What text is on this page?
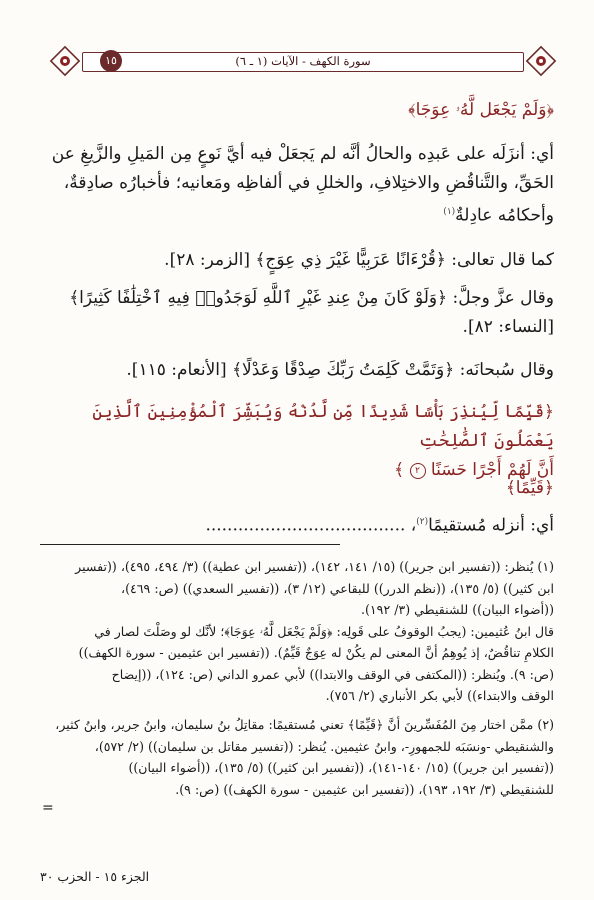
١٥	سورة الكهف - الآيات (١ ـ ٦)
﴿وَلَمْ يَجْعَل لَّهُۥ عِوَجَا﴾
أي: أنزَلَه على عَبدِه والحالُ أنَّه لم يَجعَلْ فيه أيَّ نَوعٍ مِن المَيلِ والزَّيغِ عن
الحَقِّ، والتَّناقُضِ والاختِلافِ، والخللِ في ألفاظِه ومَعانيه؛ فأخبارُه صادِقةٌ،
وأحكامُه عادِلةٌ$^{(١)}$
كما قال تعالى: ﴿قُرْءَانًا عَرَبِيًّا غَيْرَ ذِي عِوَجٍ﴾ [الزمر: ٢٨].
وقال عزَّ وجلَّ: ﴿وَلَوْ كَانَ مِنْ عِندِ غَيْرِ ٱللَّهِ لَوَجَدُوا۟ فِيهِ ٱخْتِلَٰفًا كَثِيرًا﴾
[النساء: ٨٢].
وقال سُبحانَه: ﴿وَتَمَّتْ كَلِمَتُ رَبِّكَ صِدْقًا وَعَدْلًا﴾ [الأنعام: ١١٥].
﴿قَيِّمًا لِّيُنذِرَ بَأْسًا شَدِيدًا مِّن لَّدُنْهُ وَيُبَشِّرَ ٱلْمُؤْمِنِينَ ٱلَّذِينَ يَعْمَلُونَ ٱلصَّٰلِحَٰتِ
أَنَّ لَهُمْ أَجْرًا حَسَنًا ٢ ﴾
﴿قَيِّمًا﴾
أي: أنزله مُستقيمًا$^{(٢)}$، .....................................
(١) يُنظر: ((تفسير ابن جرير)) (١٥/ ١٤١، ١٤٢)، ((تفسير ابن عطية)) (٣/ ٤٩٤، ٤٩٥)، ((تفسير
ابن كثير)) (٥/ ١٣٥)، ((نظم الدرر)) للبقاعي (١٢/ ٣)، ((تفسير السعدي)) (ص: ٤٦٩)،
((أضواء البيان)) للشنقيطي (٣/ ١٩٢).
قال ابنُ عُثيمين: (يجبُ الوقوفُ على قَولِه: ﴿وَلَمْ يَجْعَل لَّهُۥ عِوَجَا﴾؛ لأنَّك لو وصَلْتَ لصار في
الكلامِ تناقُضٌ، إذ يُوهِمُ أنَّ المعنى لم يكُنْ له عِوَجٌ قَيِّمٌ). ((تفسير ابن عثيمين - سورة الكهف))
(ص: ٩). ويُنظر: ((المكتفى في الوقف والابتدا)) لأبي عمرو الداني (ص: ١٢٤)، ((إيضاح
الوقف والابتداء)) لأبي بكر الأنباري (٢/ ٧٥٦).
(٢) ممَّن اختار مِنَ المُفَسِّرينَ أنَّ ﴿قَيِّمًا﴾ تعني مُستقيمًا: مقاتِلُ بنُ سليمان، وابنُ جرير، وابنُ كثير،
والشنقيطي -ونسَبَه للجمهورِ-، وابنُ عثيمين. يُنظر: ((تفسير مقاتل بن سليمان)) (٢/ ٥٧٢)،
((تفسير ابن جرير)) (١٥/ ١٤٠-١٤١)، ((تفسير ابن كثير)) (٥/ ١٣٥)، ((أضواء البيان))
للشنقيطي (٣/ ١٩٢، ١٩٣)، ((تفسير ابن عثيمين - سورة الكهف)) (ص: ٩).
=
الجزء ١٥ - الحزب ٣٠
